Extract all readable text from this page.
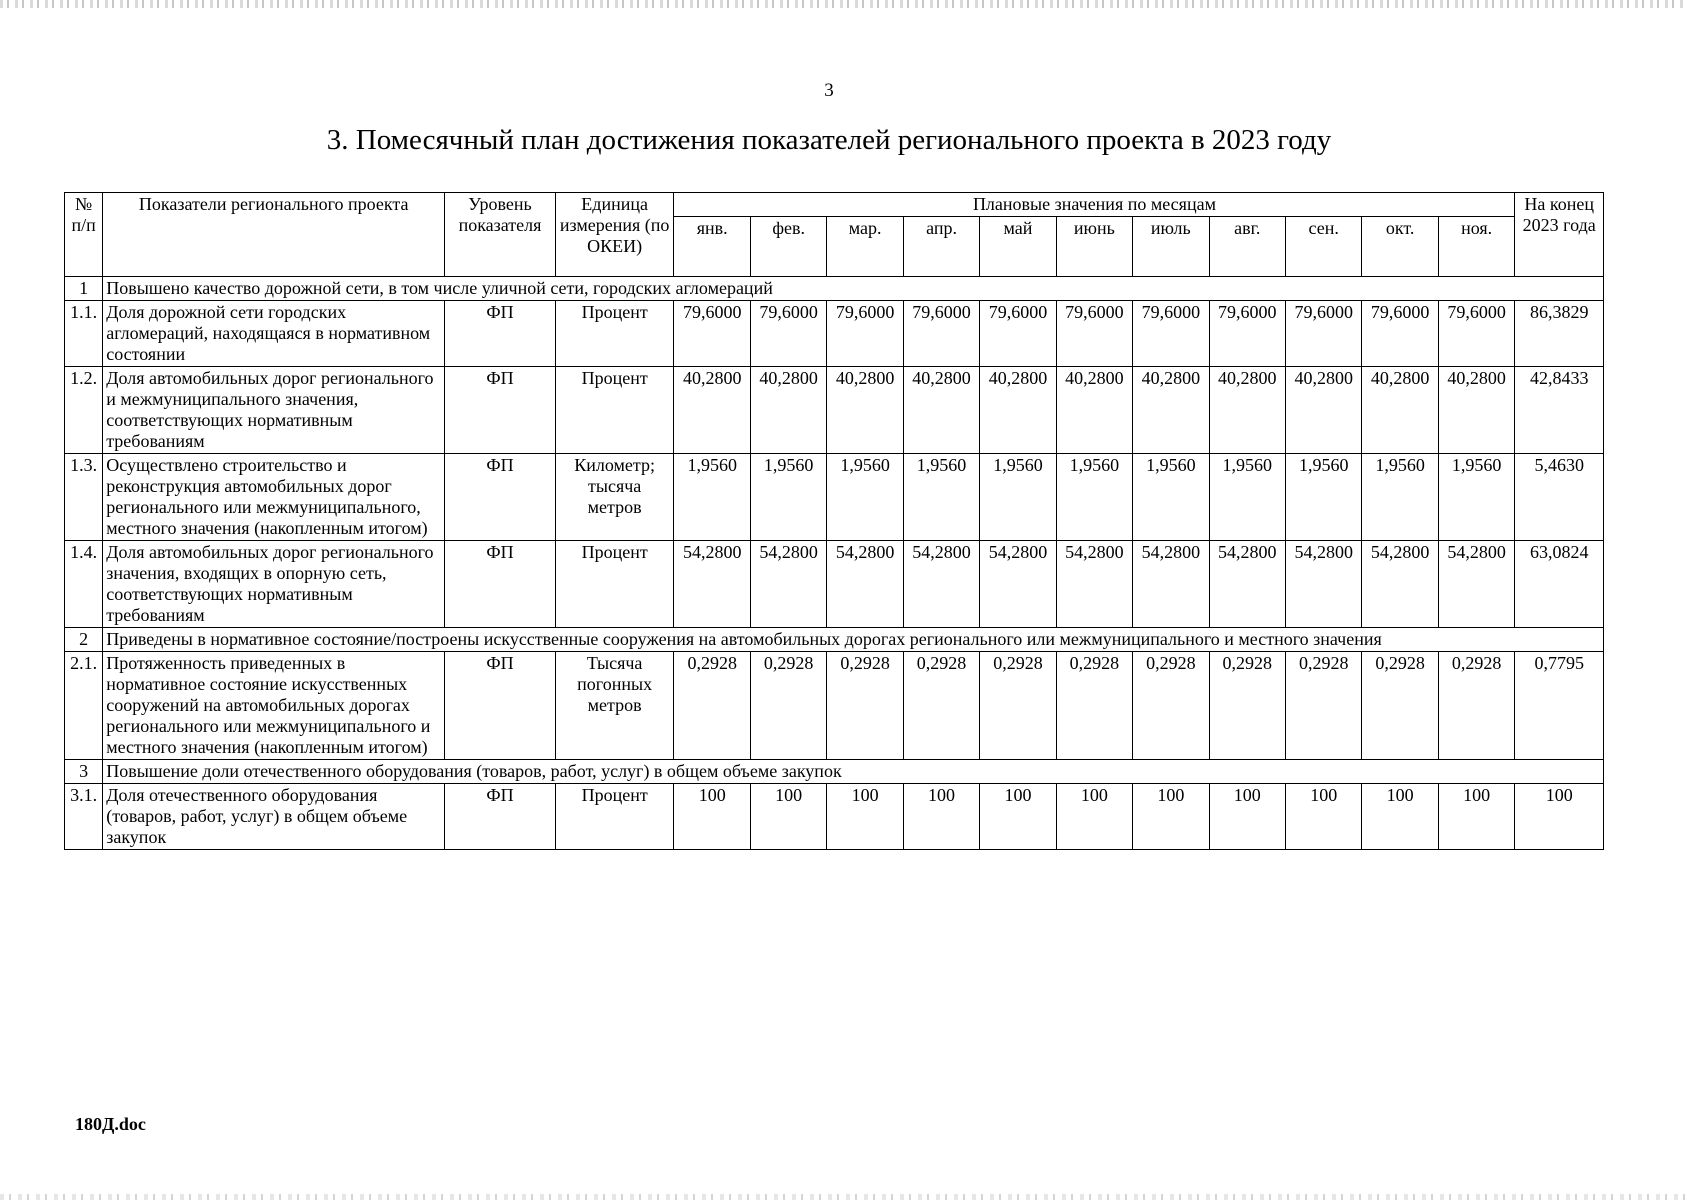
3
3. Помесячный план достижения показателей регионального проекта в 2023 году
№ п/п	Показатели регионального проекта	Уровень показателя	Единица измерения (по ОКЕИ)	Плановые значения по месяцам											На конец 2023 года
				янв.	фев.	мар.	апр.	май	июнь	июль	авг.	сен.	окт.	ноя.	
1	Повышено качество дорожной сети, в том числе уличной сети, городских агломераций														
1.1.	Доля дорожной сети городских агломераций, находящаяся в нормативном состоянии	ФП	Процент	79,6000	79,6000	79,6000	79,6000	79,6000	79,6000	79,6000	79,6000	79,6000	79,6000	79,6000	86,3829
1.2.	Доля автомобильных дорог регионального и межмуниципального значения, соответствующих нормативным требованиям	ФП	Процент	40,2800	40,2800	40,2800	40,2800	40,2800	40,2800	40,2800	40,2800	40,2800	40,2800	40,2800	42,8433
1.3.	Осуществлено строительство и реконструкция автомобильных дорог регионального или межмуниципального, местного значения (накопленным итогом)	ФП	Километр; тысяча метров	1,9560	1,9560	1,9560	1,9560	1,9560	1,9560	1,9560	1,9560	1,9560	1,9560	1,9560	5,4630
1.4.	Доля автомобильных дорог регионального значения, входящих в опорную сеть, соответствующих нормативным требованиям	ФП	Процент	54,2800	54,2800	54,2800	54,2800	54,2800	54,2800	54,2800	54,2800	54,2800	54,2800	54,2800	63,0824
2	Приведены в нормативное состояние/построены искусственные сооружения на автомобильных дорогах регионального или межмуниципального и местного значения														
2.1.	Протяженность приведенных в нормативное состояние искусственных сооружений на автомобильных дорогах регионального или межмуниципального и местного значения (накопленным итогом)	ФП	Тысяча погонных метров	0,2928	0,2928	0,2928	0,2928	0,2928	0,2928	0,2928	0,2928	0,2928	0,2928	0,2928	0,7795
3	Повышение доли отечественного оборудования (товаров, работ, услуг) в общем объеме закупок														
3.1.	Доля отечественного оборудования (товаров, работ, услуг) в общем объеме закупок	ФП	Процент	100	100	100	100	100	100	100	100	100	100	100	100
180Д.doc
